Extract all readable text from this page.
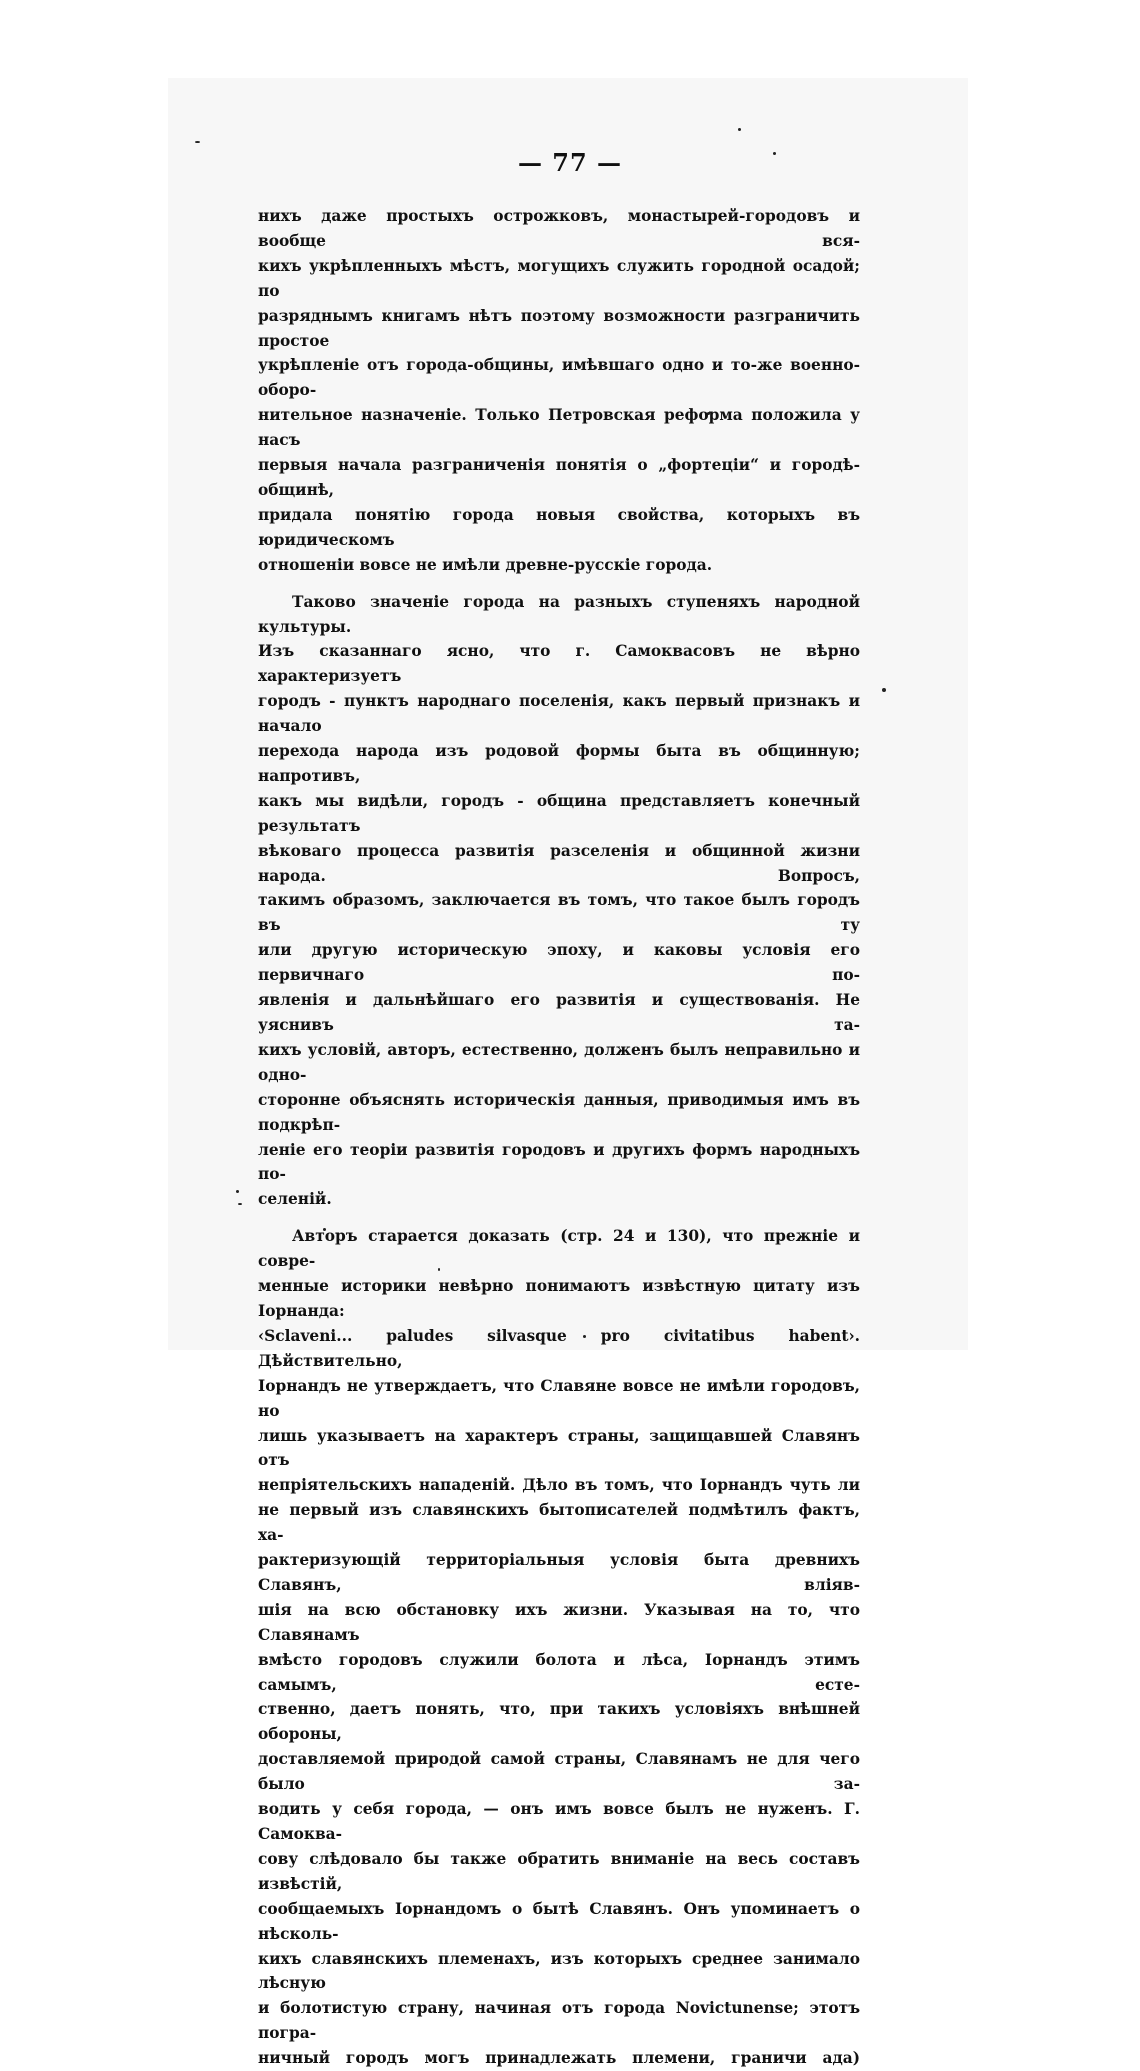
— 77 —

нихъ даже простыхъ острожковъ, монастырей-городовъ и вообще вся-

кихъ укрѣпленныхъ мѣстъ, могущихъ служить городной осадой; по

разряднымъ книгамъ нѣтъ поэтому возможности разграничить простое

укрѣпленіе отъ города-общины, имѣвшаго одно и то-же военно-оборо-

нительное назначеніе. Только Петровская реформа положила у насъ

первыя начала разграниченія понятія о „фортеціи“ и городѣ-общинѣ,

придала понятію города новыя свойства, которыхъ въ юридическомъ

отношеніи вовсе не имѣли древне-русскіе города.

Таково значеніе города на разныхъ ступеняхъ народной культуры.

Изъ сказаннаго ясно, что г. Самоквасовъ не вѣрно характеризуетъ

городъ - пунктъ народнаго поселенія, какъ первый признакъ и начало

перехода народа изъ родовой формы быта въ общинную; напротивъ,

какъ мы видѣли, городъ - община представляетъ конечный результатъ

вѣковаго процесса развитія разселенія и общинной жизни народа. Вопросъ,

такимъ образомъ, заключается въ томъ, что такое былъ городъ въ ту

или другую историческую эпоху, и каковы условія его первичнаго по-

явленія и дальнѣйшаго его развитія и существованія. Не уяснивъ та-

кихъ условій, авторъ, естественно, долженъ былъ неправильно и одно-

сторонне объяснять историческія данныя, приводимыя имъ въ подкрѣп-

леніе его теоріи развитія городовъ и другихъ формъ народныхъ по-

селеній.

Авторъ старается доказать (стр. 24 и 130), что прежніе и совре-

менные историки невѣрно понимаютъ извѣстную цитату изъ Іорнанда:

‹Sclaveni... paludes silvasque pro civitatibus habent›. Дѣйствительно,

Іорнандъ не утверждаетъ, что Славяне вовсе не имѣли городовъ, но

лишь указываетъ на характеръ страны, защищавшей Славянъ отъ

непріятельскихъ нападеній. Дѣло въ томъ, что Іорнандъ чуть ли

не первый изъ славянскихъ бытописателей подмѣтилъ фактъ, ха-

рактеризующій территоріальныя условія быта древнихъ Славянъ, вліяв-

шія на всю обстановку ихъ жизни. Указывая на то, что Славянамъ

вмѣсто городовъ служили болота и лѣса, Іорнандъ этимъ самымъ, есте-

ственно, даетъ понять, что, при такихъ условіяхъ внѣшней обороны,

доставляемой природой самой страны, Славянамъ не для чего было за-

водить у себя города, — онъ имъ вовсе былъ не нуженъ. Г. Самоква-

сову слѣдовало бы также обратить вниманіе на весь составъ извѣстій,

сообщаемыхъ Іорнандомъ о бытѣ Славянъ. Онъ упоминаетъ о нѣсколь-

кихъ славянскихъ племенахъ, изъ которыхъ среднее занимало лѣсную

и болотистую страну, начиная отъ города Novictunense; этотъ погра-

ничный городъ могъ принадлежать племени, граничи ада)
